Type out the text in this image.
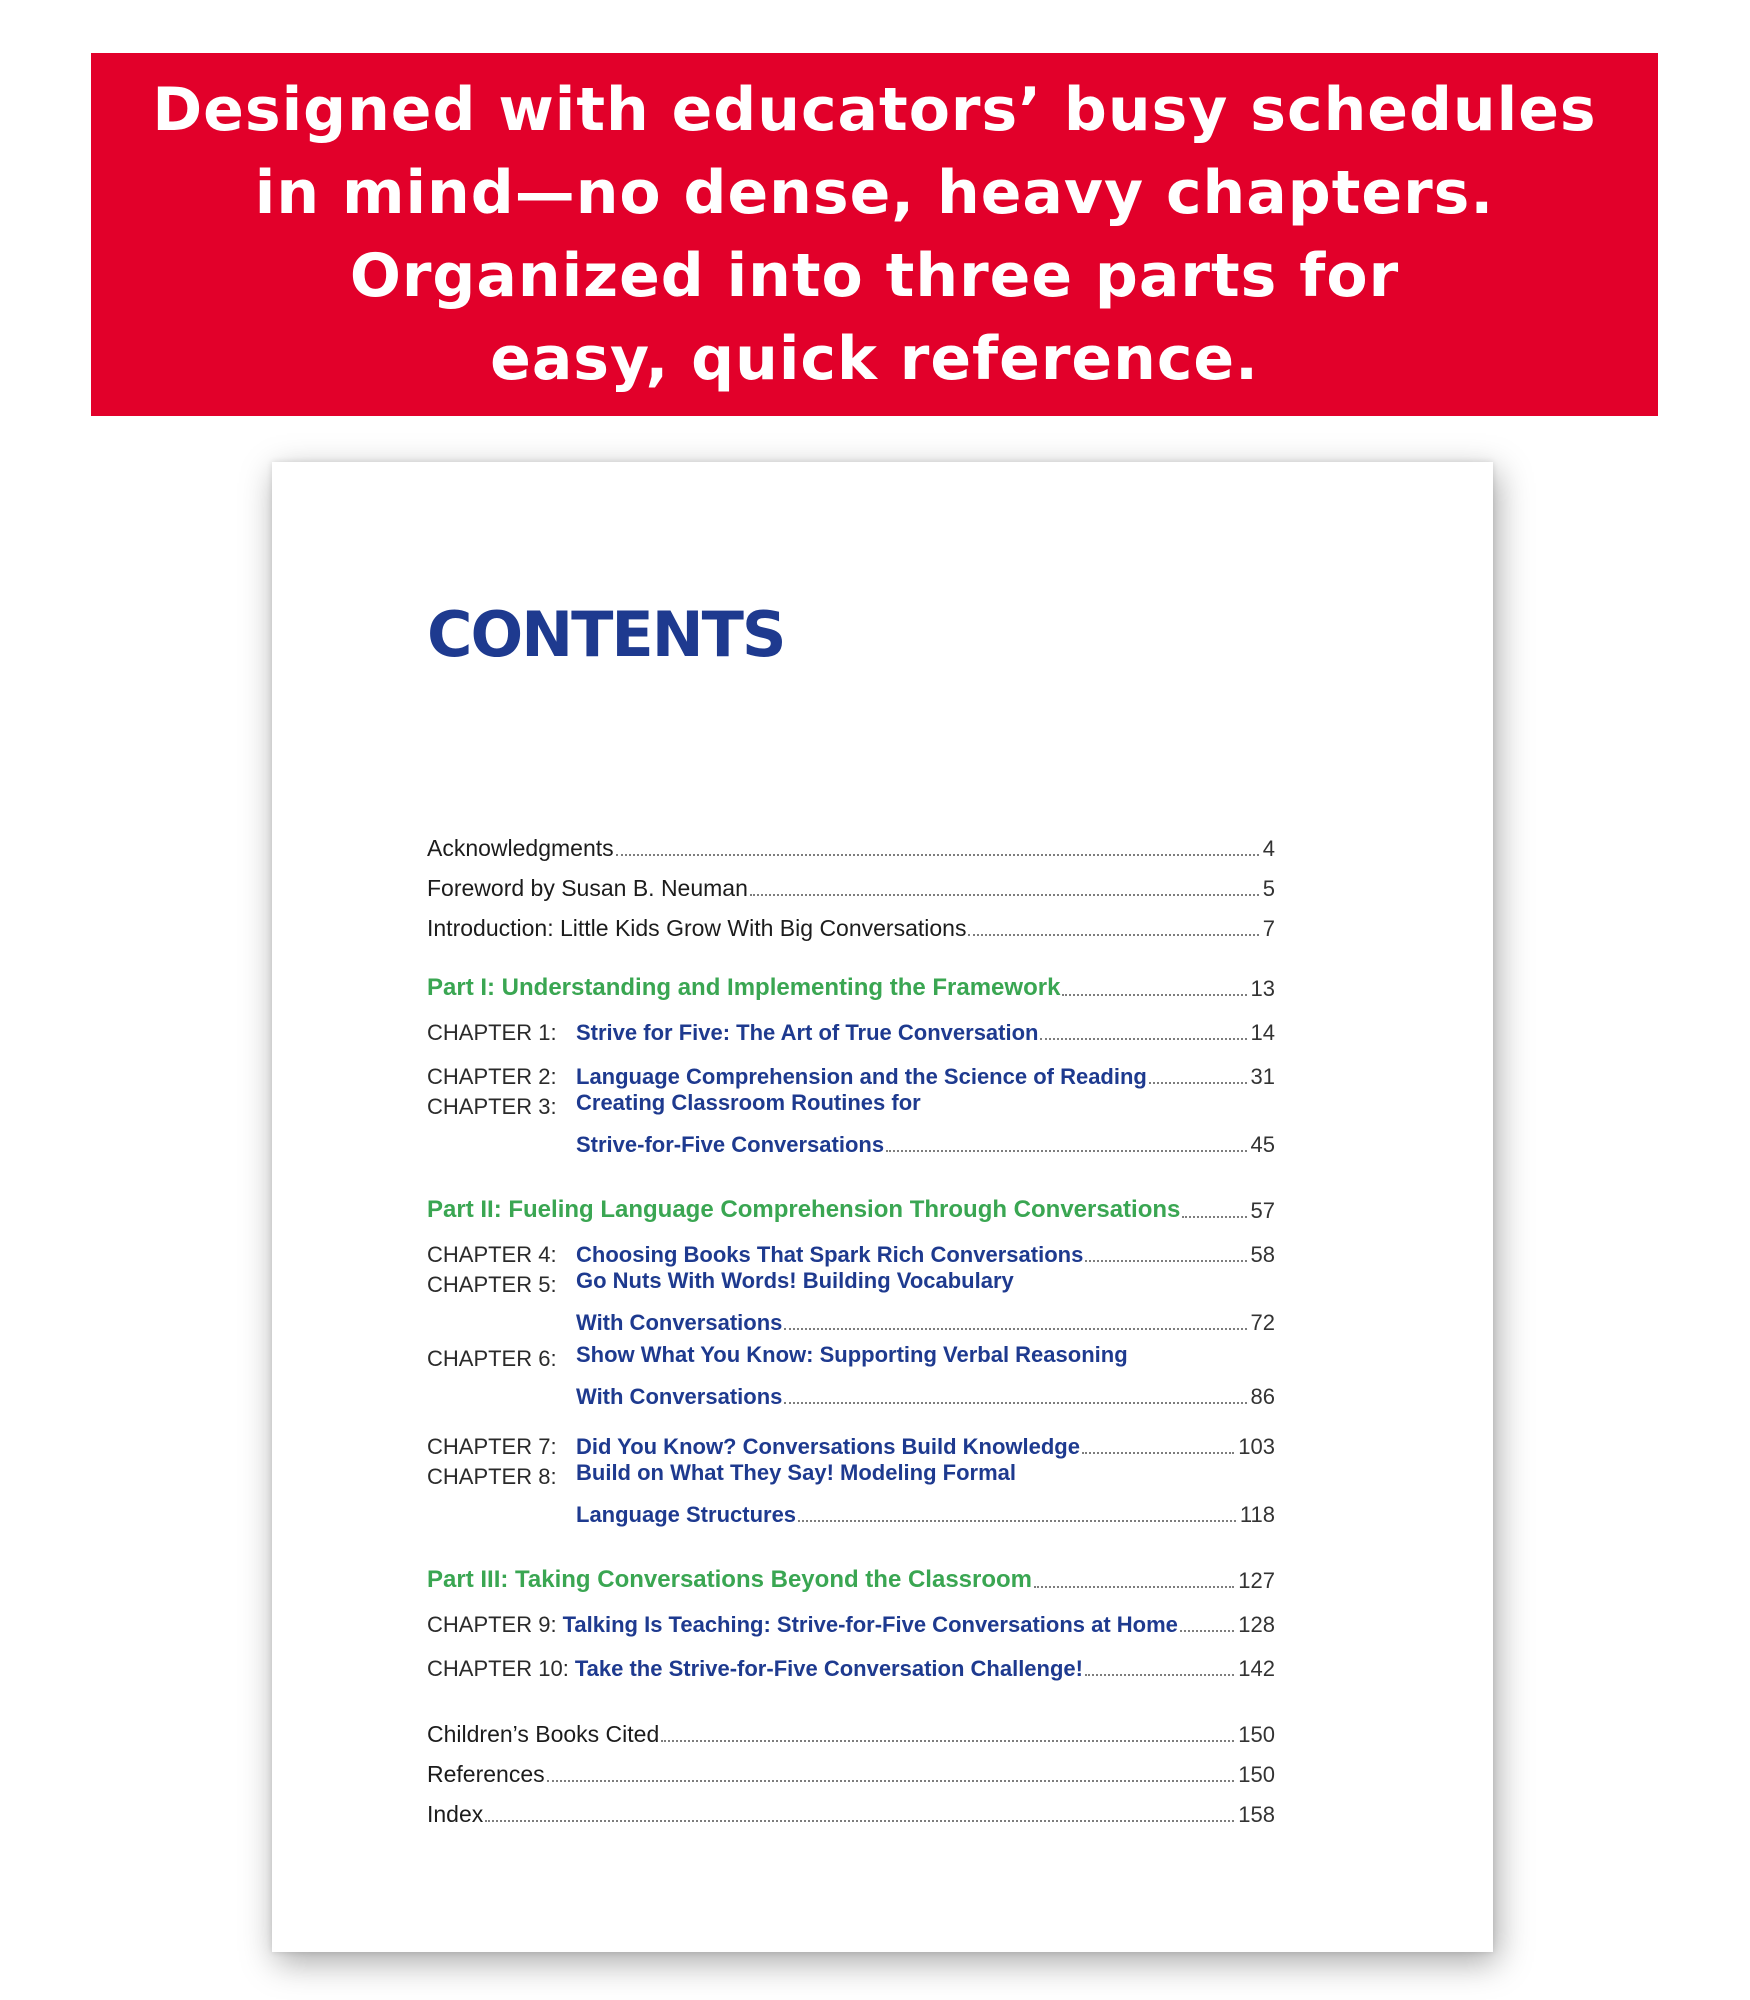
Designed with educators’ busy schedules
in mind—no dense, heavy chapters.
Organized into three parts for
easy, quick reference.
CONTENTS
Acknowledgments	4
Foreword by Susan B. Neuman	5
Introduction: Little Kids Grow With Big Conversations	7
Part I: Understanding and Implementing the Framework	13
CHAPTER 1: Strive for Five: The Art of True Conversation	14
CHAPTER 2: Language Comprehension and the Science of Reading	31
CHAPTER 3: Creating Classroom Routines for
Strive-for-Five Conversations	45
Part II: Fueling Language Comprehension Through Conversations	57
CHAPTER 4: Choosing Books That Spark Rich Conversations	58
CHAPTER 5: Go Nuts With Words! Building Vocabulary
With Conversations	72
CHAPTER 6: Show What You Know: Supporting Verbal Reasoning
With Conversations	86
CHAPTER 7: Did You Know? Conversations Build Knowledge	103
CHAPTER 8: Build on What They Say! Modeling Formal
Language Structures	118
Part III: Taking Conversations Beyond the Classroom	127
CHAPTER 9: Talking Is Teaching: Strive-for-Five Conversations at Home	128
CHAPTER 10: Take the Strive-for-Five Conversation Challenge!	142
Children’s Books Cited	150
References	150
Index	158
